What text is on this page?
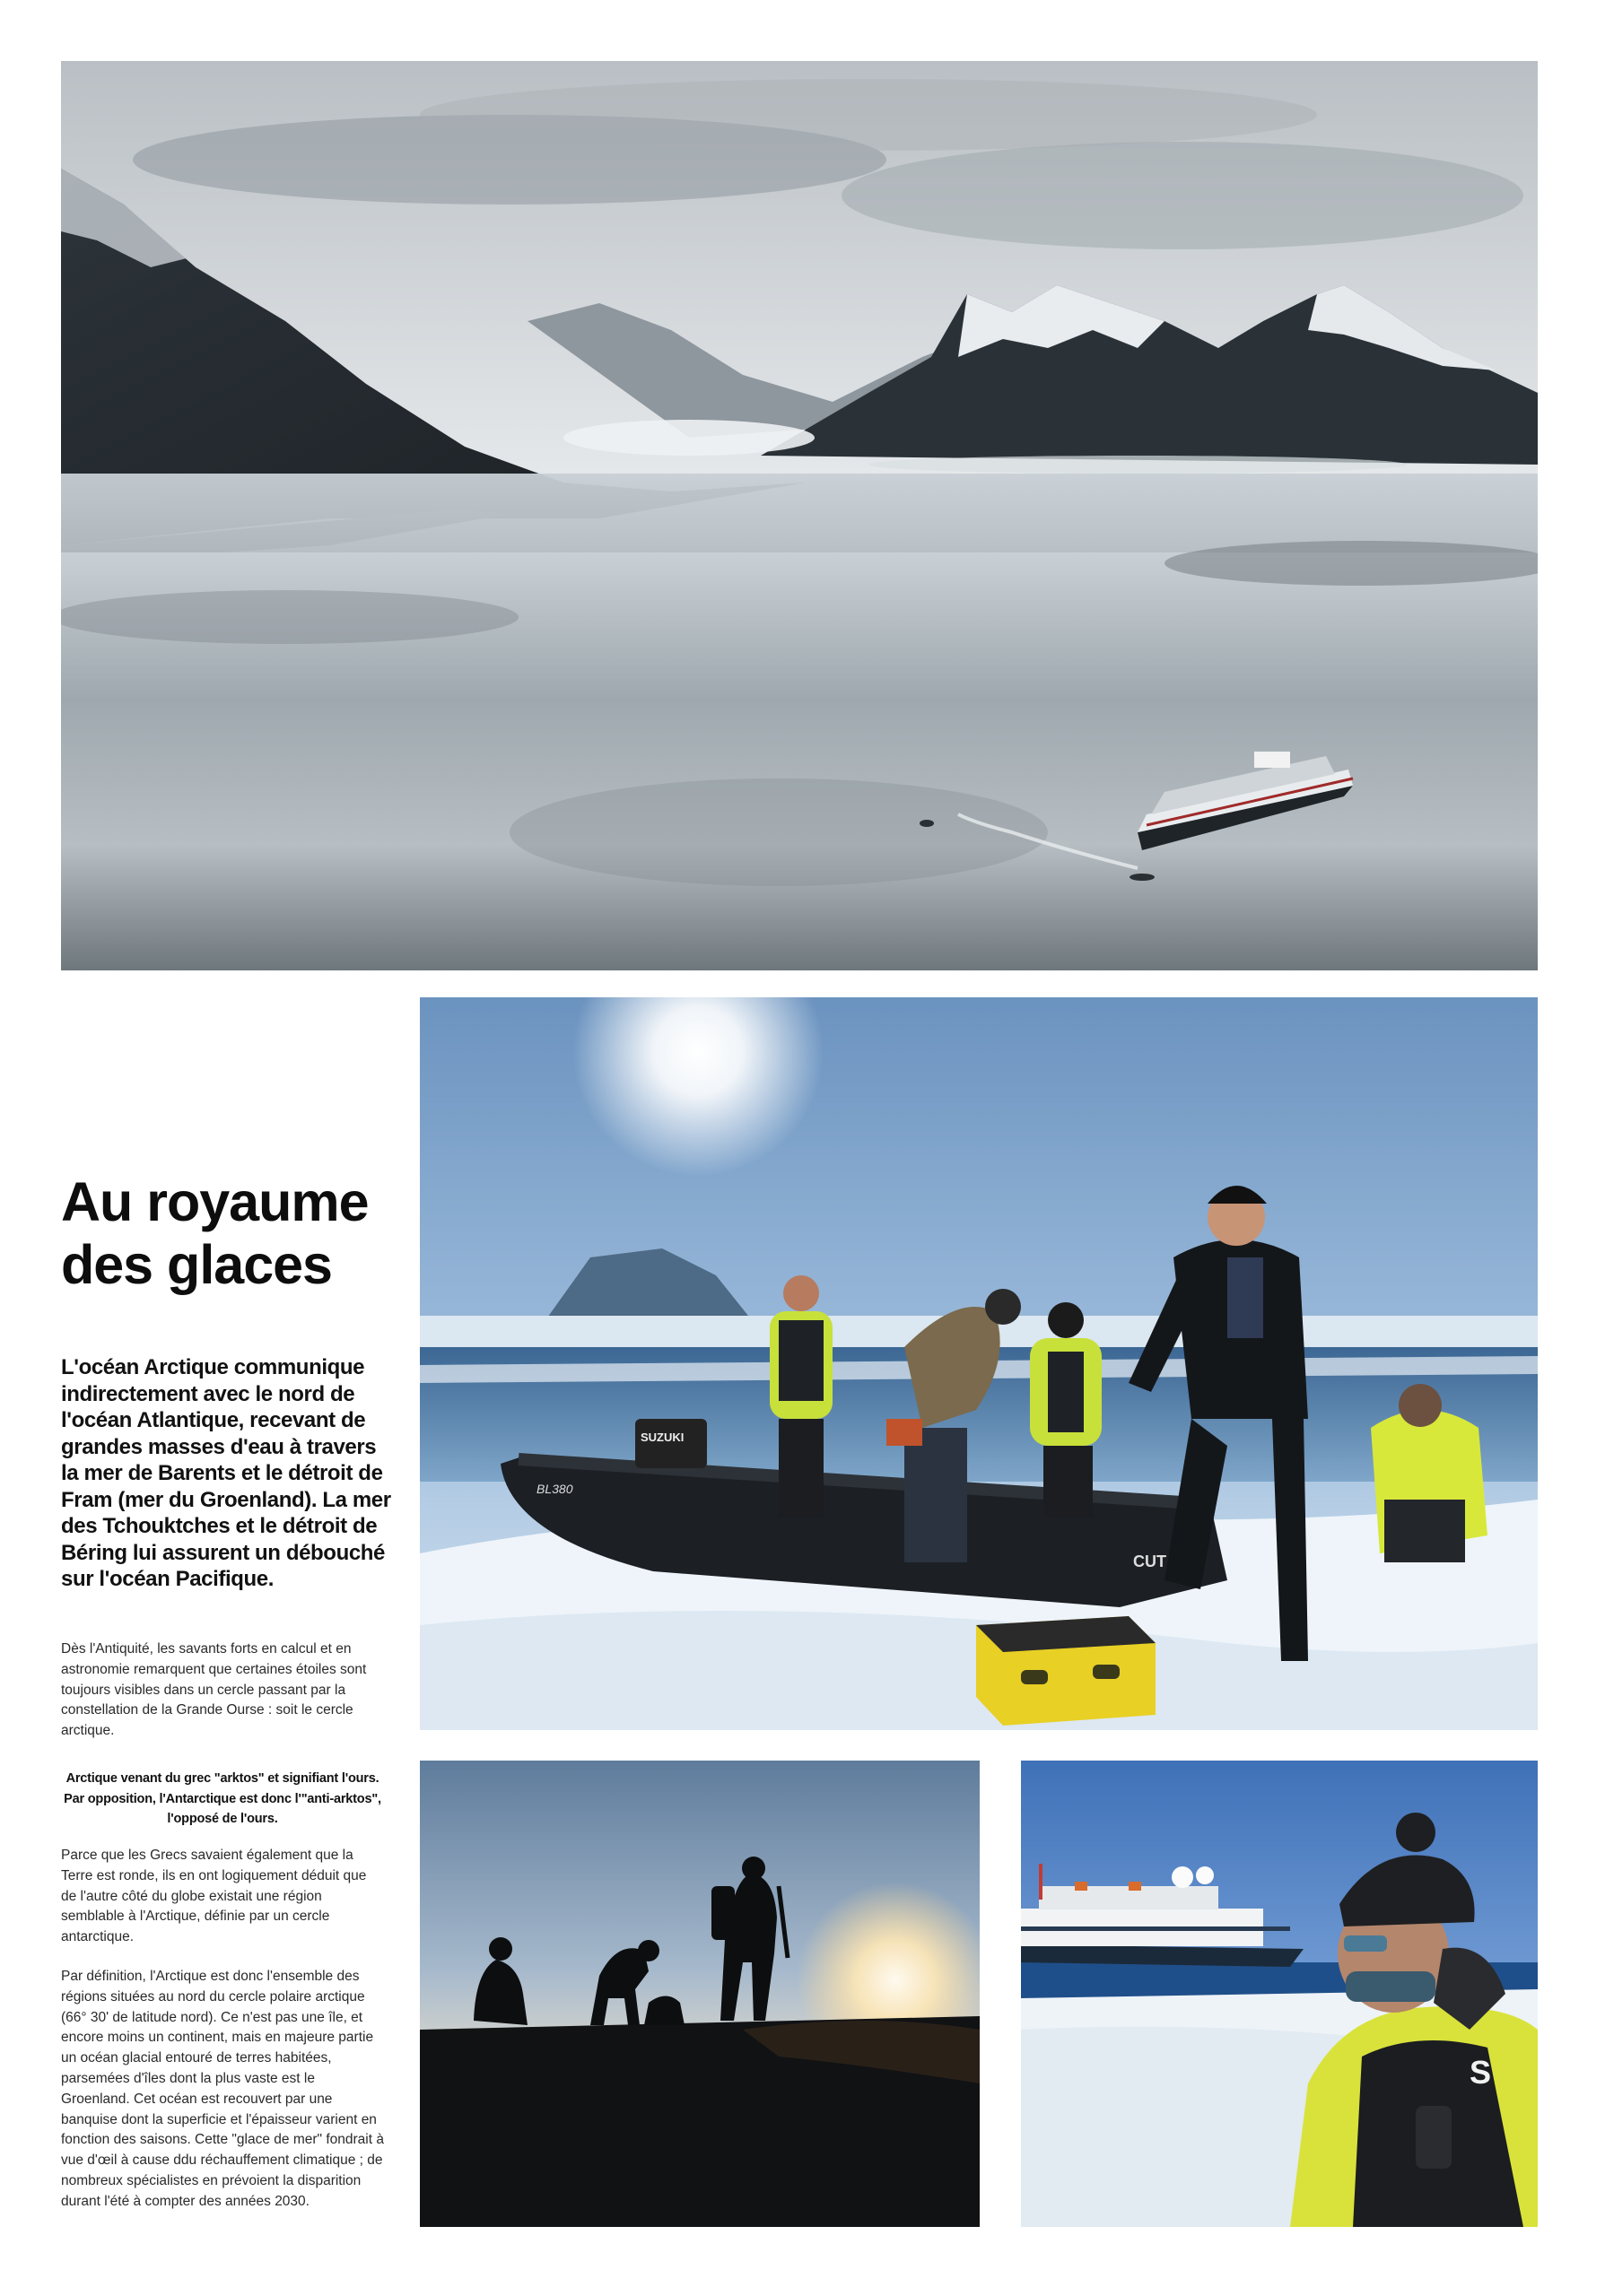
Au royaume des glaces

L'océan Arctique communique indirectement avec le nord de l'océan Atlantique, recevant de grandes masses d'eau à travers la mer de Barents et le détroit de Fram (mer du Groenland). La mer des Tchouktches et le détroit de Béring lui assurent un débouché sur l'océan Pacifique.

BL380
CUT
SUZUKI

Dès l'Antiquité, les savants forts en calcul et en astronomie remarquent que certaines étoiles sont toujours visibles dans un cercle passant par la constellation de la Grande Ourse : soit le cercle arctique.

Arctique venant du grec "arktos" et signifiant l'ours. Par opposition, l'Antarctique est donc l'"anti-arktos", l'opposé de l'ours.

Parce que les Grecs savaient également que la Terre est ronde, ils en ont logiquement déduit que de l'autre côté du globe existait une région semblable à l'Arctique, définie par un cercle antarctique.

Par définition, l'Arctique est donc l'ensemble des régions situées au nord du cercle polaire arctique (66° 30' de latitude nord). Ce n'est pas une île, et encore moins un continent, mais en majeure partie un océan glacial entouré de terres habitées, parsemées d'îles dont la plus vaste est le Groenland. Cet océan est recouvert par une banquise dont la superficie et l'épaisseur varient en fonction des saisons. Cette "glace de mer" fondrait à vue d'œil à cause ddu réchauffement climatique ; de nombreux spécialistes en prévoient la disparition durant l'été à compter des années 2030.

S
